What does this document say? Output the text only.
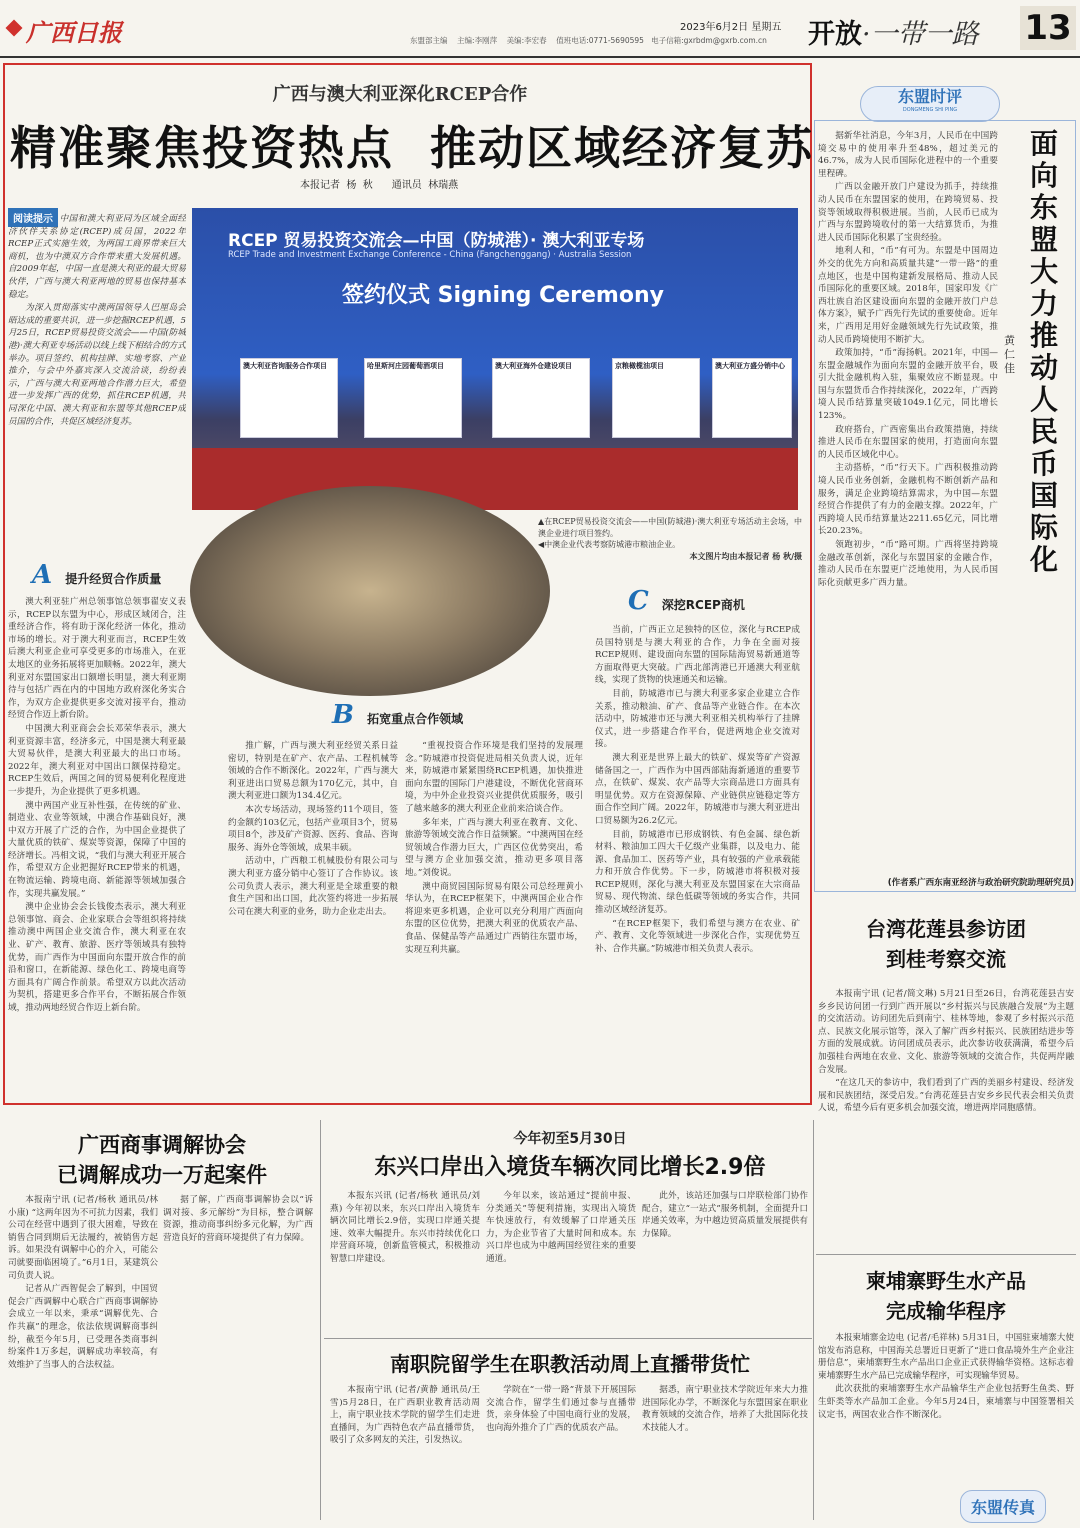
广西日报	2023年6月2日 星期五
东盟部主编 主编:李刚萍 美编:李宏春 值班电话:0771-5690595 电子信箱:gxrbdm@gxrb.com.cn 开放·一带一路 13
广西与澳大利亚深化RCEP合作
精准聚焦投资热点  推动区域经济复苏
本报记者  杨  秋      通讯员  林瑞燕
阅读提示 中国和澳大利亚同为区域全面经济伙伴关系协定(RCEP)成员国，2022年RCEP正式实施生效，为两国工商界带来巨大商机，也为中澳双方合作带来重大发展机遇。自2009年起，中国一直是澳大利亚的最大贸易伙伴，广西与澳大利亚两地的贸易也保持基本稳定。

为深入贯彻落实中澳两国领导人巴厘岛会晤达成的重要共识，进一步挖掘RCEP机遇，5月25日，RCEP贸易投资交流会——中国(防城港)·澳大利亚专场活动以线上线下相结合的方式举办。项目签约、机构挂牌、实地考察、产业推介，与会中外嘉宾深入交流洽谈，纷纷表示，广西与澳大利亚两地合作潜力巨大，希望进一步发挥广西的优势，抓住RCEP机遇，共同深化中国、澳大利亚和东盟等其他RCEP成员国的合作，共促区域经济复苏。

RCEP 贸易投资交流会—中国（防城港）· 澳大利亚专场
RCEP Trade and Investment Exchange Conference - China (Fangchenggang) · Australia Session
签约仪式 Signing Ceremony
澳大利亚咨询服务合作项目	哈里斯河庄园葡萄酒项目	澳大利亚海外仓建设项目	京粮橄榄油项目	澳大利亚方盛分销中心
▲在RCEP贸易投资交流会——中国(防城港)·澳大利亚专场活动主会场，中澳企业进行项目签约。
◀中澳企业代表考察防城港市粮油企业。
本文图片均由本报记者 杨 秋/摄
A 提升经贸合作质量

澳大利亚驻广州总领事馆总领事翟安义表示，RCEP以东盟为中心，形成区域闭合，注重经济合作，将有助于深化经济一体化，推动市场的增长。对于澳大利亚而言，RCEP生效后澳大利亚企业可享受更多的市场准入，在亚太地区的业务拓展将更加顺畅。2022年，澳大利亚对东盟国家出口额增长明显，澳大利亚期待与包括广西在内的中国地方政府深化务实合作，为双方企业提供更多交流对接平台，推动经贸合作迈上新台阶。

中国澳大利亚商会会长邓荣华表示，澳大利亚资源丰富，经济多元，中国是澳大利亚最大贸易伙伴，是澳大利亚最大的出口市场。2022年，澳大利亚对中国出口额保持稳定。RCEP生效后，两国之间的贸易便利化程度进一步提升，为企业提供了更多机遇。

澳中两国产业互补性强，在传统的矿业、制造业、农业等领域，中澳合作基础良好，澳中双方开展了广泛的合作，为中国企业提供了大量优质的铁矿、煤炭等资源，保障了中国的经济增长。冯相文说，“我们与澳大利亚开展合作，希望双方企业把握好RCEP带来的机遇，在物流运输、跨境电商、新能源等领域加强合作，实现共赢发展。”

澳中企业协会会长钱俊杰表示，澳大利亚总领事馆、商会、企业家联合会等组织将持续推动澳中两国企业交流合作，澳大利亚在农业、矿产、教育、旅游、医疗等领域具有独特优势，而广西作为中国面向东盟开放合作的前沿和窗口，在新能源、绿色化工、跨境电商等方面具有广阔合作前景。希望双方以此次活动为契机，搭建更多合作平台，不断拓展合作领域，推动两地经贸合作迈上新台阶。

B 拓宽重点合作领域

推广解，广西与澳大利亚经贸关系日益密切，特别是在矿产、农产品、工程机械等领域的合作不断深化。2022年，广西与澳大利亚进出口贸易总额为170亿元，其中，自澳大利亚进口额为134.4亿元。

本次专场活动，现场签约11个项目，签约金额约103亿元，包括产业项目3个，贸易项目8个，涉及矿产资源、医药、食品、咨询服务、海外仓等领域，成果丰硕。

活动中，广西粮工机械股份有限公司与澳大利亚方盛分销中心签订了合作协议。该公司负责人表示，澳大利亚是全球重要的粮食生产国和出口国，此次签约将进一步拓展公司在澳大利亚的业务，助力企业走出去。

“重视投资合作环境是我们坚持的发展理念。”防城港市投资促进局相关负责人说，近年来，防城港市紧紧围绕RCEP机遇，加快推进面向东盟的国际门户港建设，不断优化营商环境，为中外企业投资兴业提供优质服务，吸引了越来越多的澳大利亚企业前来洽谈合作。

多年来，广西与澳大利亚在教育、文化、旅游等领域交流合作日益频繁。“中澳两国在经贸领域合作潜力巨大，广西区位优势突出，希望与澳方企业加强交流，推动更多项目落地。”刘俊说。

澳中商贸园国际贸易有限公司总经理黄小华认为，在RCEP框架下，中澳两国企业合作将迎来更多机遇，企业可以充分利用广西面向东盟的区位优势，把澳大利亚的优质农产品、食品、保健品等产品通过广西销往东盟市场，实现互利共赢。

C 深挖RCEP商机

当前，广西正立足独特的区位，深化与RCEP成员国特别是与澳大利亚的合作，力争在全面对接RCEP规则、建设面向东盟的国际陆海贸易新通道等方面取得更大突破。广西北部湾港已开通澳大利亚航线，实现了货物的快速通关和运输。

目前，防城港市已与澳大利亚多家企业建立合作关系，推动粮油、矿产、食品等产业链合作。在本次活动中，防城港市还与澳大利亚相关机构举行了挂牌仪式，进一步搭建合作平台，促进两地企业交流对接。

澳大利亚是世界上最大的铁矿、煤炭等矿产资源储备国之一，广西作为中国西部陆海新通道的重要节点，在铁矿、煤炭、农产品等大宗商品进口方面具有明显优势。双方在资源保障、产业链供应链稳定等方面合作空间广阔。2022年，防城港市与澳大利亚进出口贸易额为26.2亿元。

目前，防城港市已形成钢铁、有色金属、绿色新材料、粮油加工四大千亿级产业集群，以及电力、能源、食品加工、医药等产业，具有较强的产业承载能力和开放合作优势。下一步，防城港市将积极对接RCEP规则，深化与澳大利亚及东盟国家在大宗商品贸易、现代物流、绿色低碳等领域的务实合作，共同推动区域经济复苏。

“在RCEP框架下，我们希望与澳方在农业、矿产、教育、文化等领域进一步深化合作，实现优势互补、合作共赢。”防城港市相关负责人表示。

东盟时评
DONGMENG SHI PING
面向东盟大力推动人民币国际化
黄仁佳

据新华社消息，今年3月，人民币在中国跨境交易中的使用率升至48%，超过美元的46.7%，成为人民币国际化进程中的一个重要里程碑。

广西以金融开放门户建设为抓手，持续推动人民币在东盟国家的使用，在跨境贸易、投资等领域取得积极进展。当前，人民币已成为广西与东盟跨境收付的第一大结算货币，为推进人民币国际化积累了宝贵经验。

地利人和，“币”有可为。东盟是中国周边外交的优先方向和高质量共建“一带一路”的重点地区，也是中国构建新发展格局、推动人民币国际化的重要区域。2018年，国家印发《广西壮族自治区建设面向东盟的金融开放门户总体方案》，赋予广西先行先试的重要使命。近年来，广西用足用好金融领域先行先试政策，推动人民币跨境使用不断扩大。

政策加持，“币”海扬帆。2021年，中国—东盟金融城作为面向东盟的金融开放平台，吸引大批金融机构入驻，集聚效应不断显现。中国与东盟货币合作持续深化，2022年，广西跨境人民币结算量突破1049.1亿元，同比增长123%。

政府搭台，广西密集出台政策措施，持续推进人民币在东盟国家的使用，打造面向东盟的人民币区域化中心。

主动搭桥，“币”行天下。广西积极推动跨境人民币业务创新，金融机构不断创新产品和服务，满足企业跨境结算需求，为中国—东盟经贸合作提供了有力的金融支撑。2022年，广西跨境人民币结算量达2211.65亿元，同比增长20.23%。

领跑初步，“币”路可期。广西将坚持跨境金融改革创新，深化与东盟国家的金融合作，推动人民币在东盟更广泛地使用，为人民币国际化贡献更多广西力量。

(作者系广西东南亚经济与政治研究院助理研究员)
台湾花莲县参访团
到桂考察交流

本报南宁讯 (记者/简文琳) 5月21日至26日，台湾花莲县吉安乡乡民访问团一行到广西开展以“乡村振兴与民族融合发展”为主题的交流活动。访问团先后到南宁、桂林等地，参观了乡村振兴示范点、民族文化展示馆等，深入了解广西乡村振兴、民族团结进步等方面的发展成就。访问团成员表示，此次参访收获满满，希望今后加强桂台两地在农业、文化、旅游等领域的交流合作，共促两岸融合发展。

“在这几天的参访中，我们看到了广西的美丽乡村建设、经济发展和民族团结，深受启发。”台湾花莲县吉安乡乡民代表会相关负责人说，希望今后有更多机会加强交流，增进两岸同胞感情。

柬埔寨野生水产品
完成输华程序

本报柬埔寨金边电 (记者/毛祥林) 5月31日，中国驻柬埔寨大使馆发布消息称，中国海关总署近日更新了“进口食品境外生产企业注册信息”，柬埔寨野生水产品出口企业正式获得输华资格。这标志着柬埔寨野生水产品已完成输华程序，可实现输华贸易。

此次获批的柬埔寨野生水产品输华生产企业包括野生鱼类、野生虾类等水产品加工企业。今年5月24日，柬埔寨与中国签署相关议定书，两国农业合作不断深化。

东盟传真
广西商事调解协会
已调解成功一万起案件

本报南宁讯 (记者/杨秋 通讯员/林小康) “这两年因为不可抗力因素，我们公司在经营中遇到了很大困难，导致在销售合同到期后无法履约，被销售方起诉。如果没有调解中心的介入，可能公司就要面临困境了。”6月1日，某建筑公司负责人说。

记者从广西智促会了解到，中国贸促会广西调解中心联合广西商事调解协会成立一年以来，秉承“调解优先、合作共赢”的理念，依法依规调解商事纠纷，截至今年5月，已受理各类商事纠纷案件1万多起，调解成功率较高，有效维护了当事人的合法权益。

据了解，广西商事调解协会以“诉调对接、多元解纷”为目标，整合调解资源，推动商事纠纷多元化解，为广西营造良好的营商环境提供了有力保障。

今年初至5月30日
东兴口岸出入境货车辆次同比增长2.9倍

本报东兴讯 (记者/杨秋 通讯员/刘燕) 今年初以来，东兴口岸出入境货车辆次同比增长2.9倍，实现口岸通关提速、效率大幅提升。东兴市持续优化口岸营商环境，创新监管模式，积极推动智慧口岸建设。

今年以来，该站通过“提前申报、分类通关”等便利措施，实现出入境货车快速放行，有效缓解了口岸通关压力，为企业节省了大量时间和成本。东兴口岸也成为中越两国经贸往来的重要通道。

此外，该站还加强与口岸联检部门协作配合，建立“一站式”服务机制，全面提升口岸通关效率，为中越边贸高质量发展提供有力保障。

南职院留学生在职教活动周上直播带货忙

本报南宁讯 (记者/黄静 通讯员/王雪)5月28日，在广西职业教育活动周上，南宁职业技术学院的留学生们走进直播间，为广西特色农产品直播带货，吸引了众多网友的关注，引发热议。

学院在“一带一路”背景下开展国际交流合作，留学生们通过参与直播带货，亲身体验了中国电商行业的发展，也向海外推介了广西的优质农产品。

据悉，南宁职业技术学院近年来大力推进国际化办学，不断深化与东盟国家在职业教育领域的交流合作，培养了大批国际化技术技能人才。
